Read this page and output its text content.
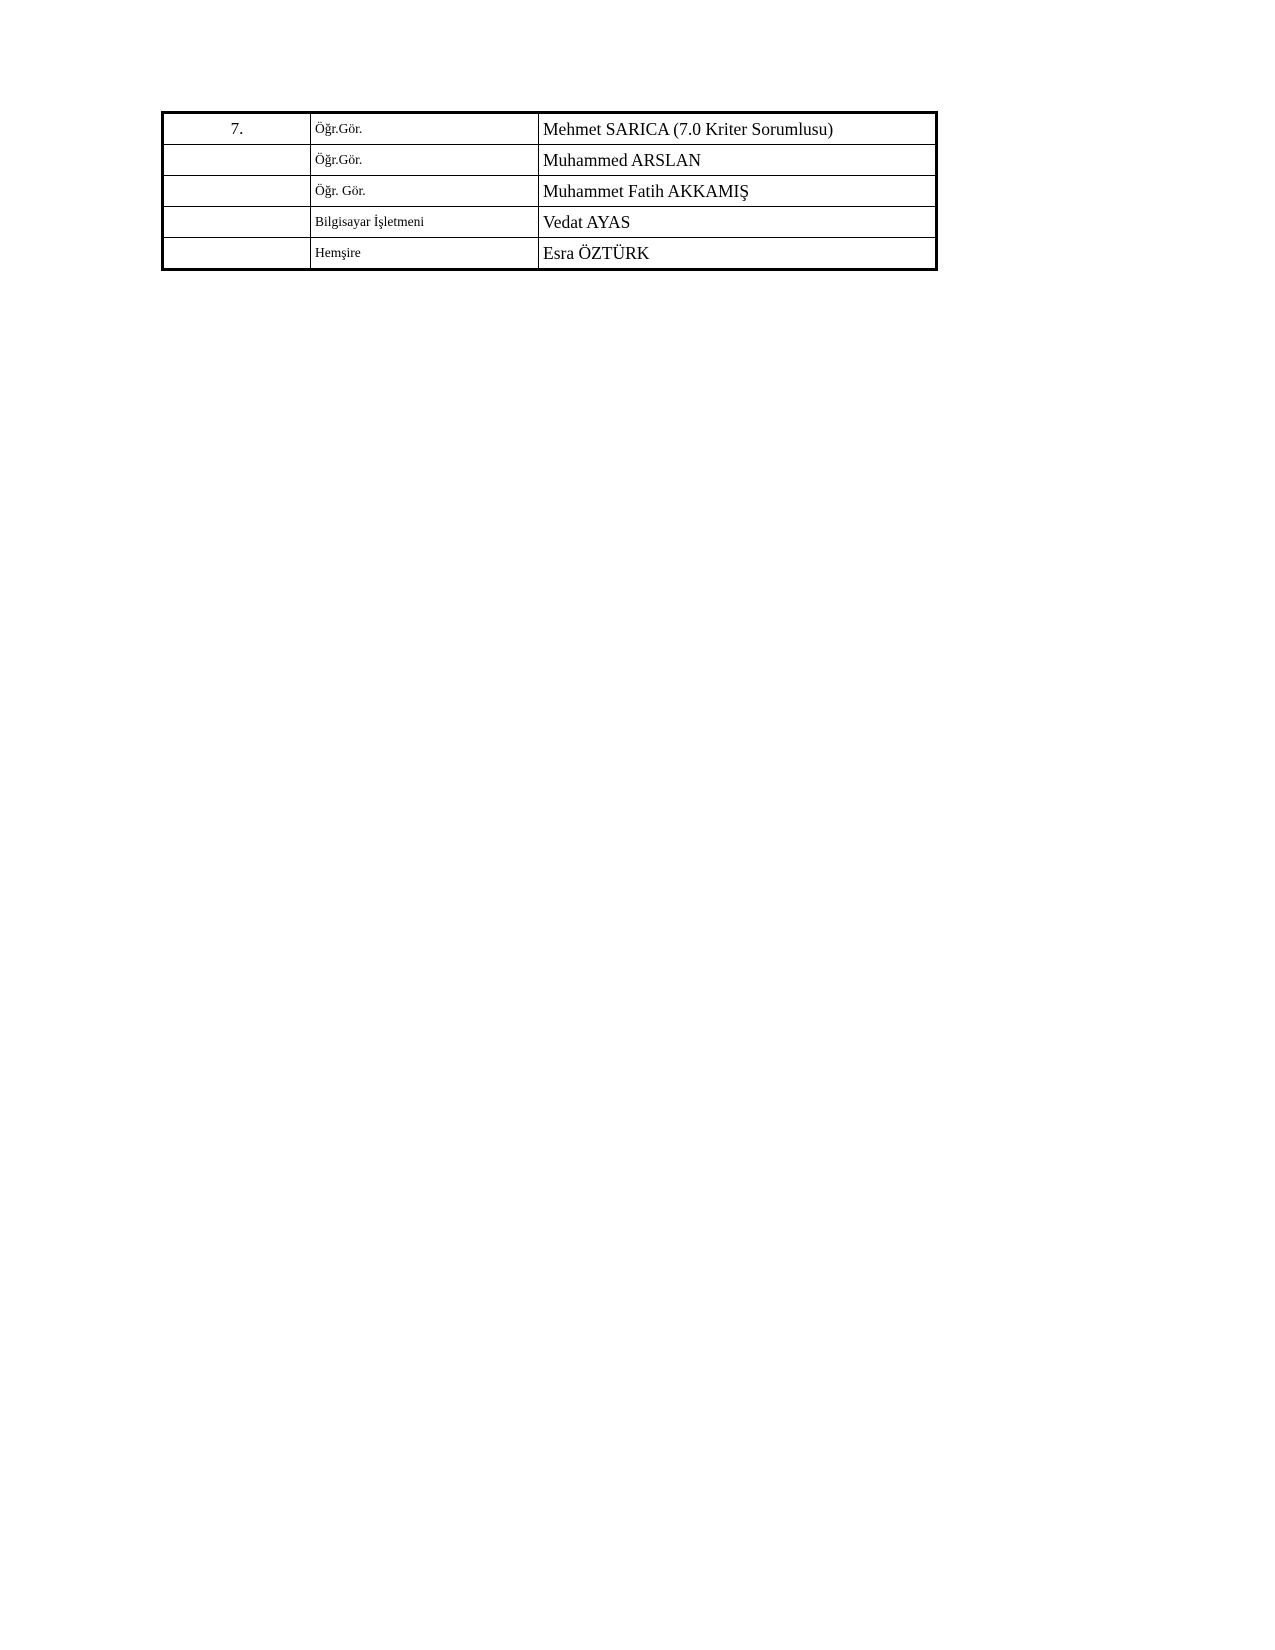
7.	Öğr.Gör.	Mehmet SARICA (7.0 Kriter Sorumlusu)
	Öğr.Gör.	Muhammed ARSLAN
	Öğr. Gör.	Muhammet Fatih AKKAMIŞ
	Bilgisayar İşletmeni	Vedat AYAS
	Hemşire	Esra ÖZTÜRK
